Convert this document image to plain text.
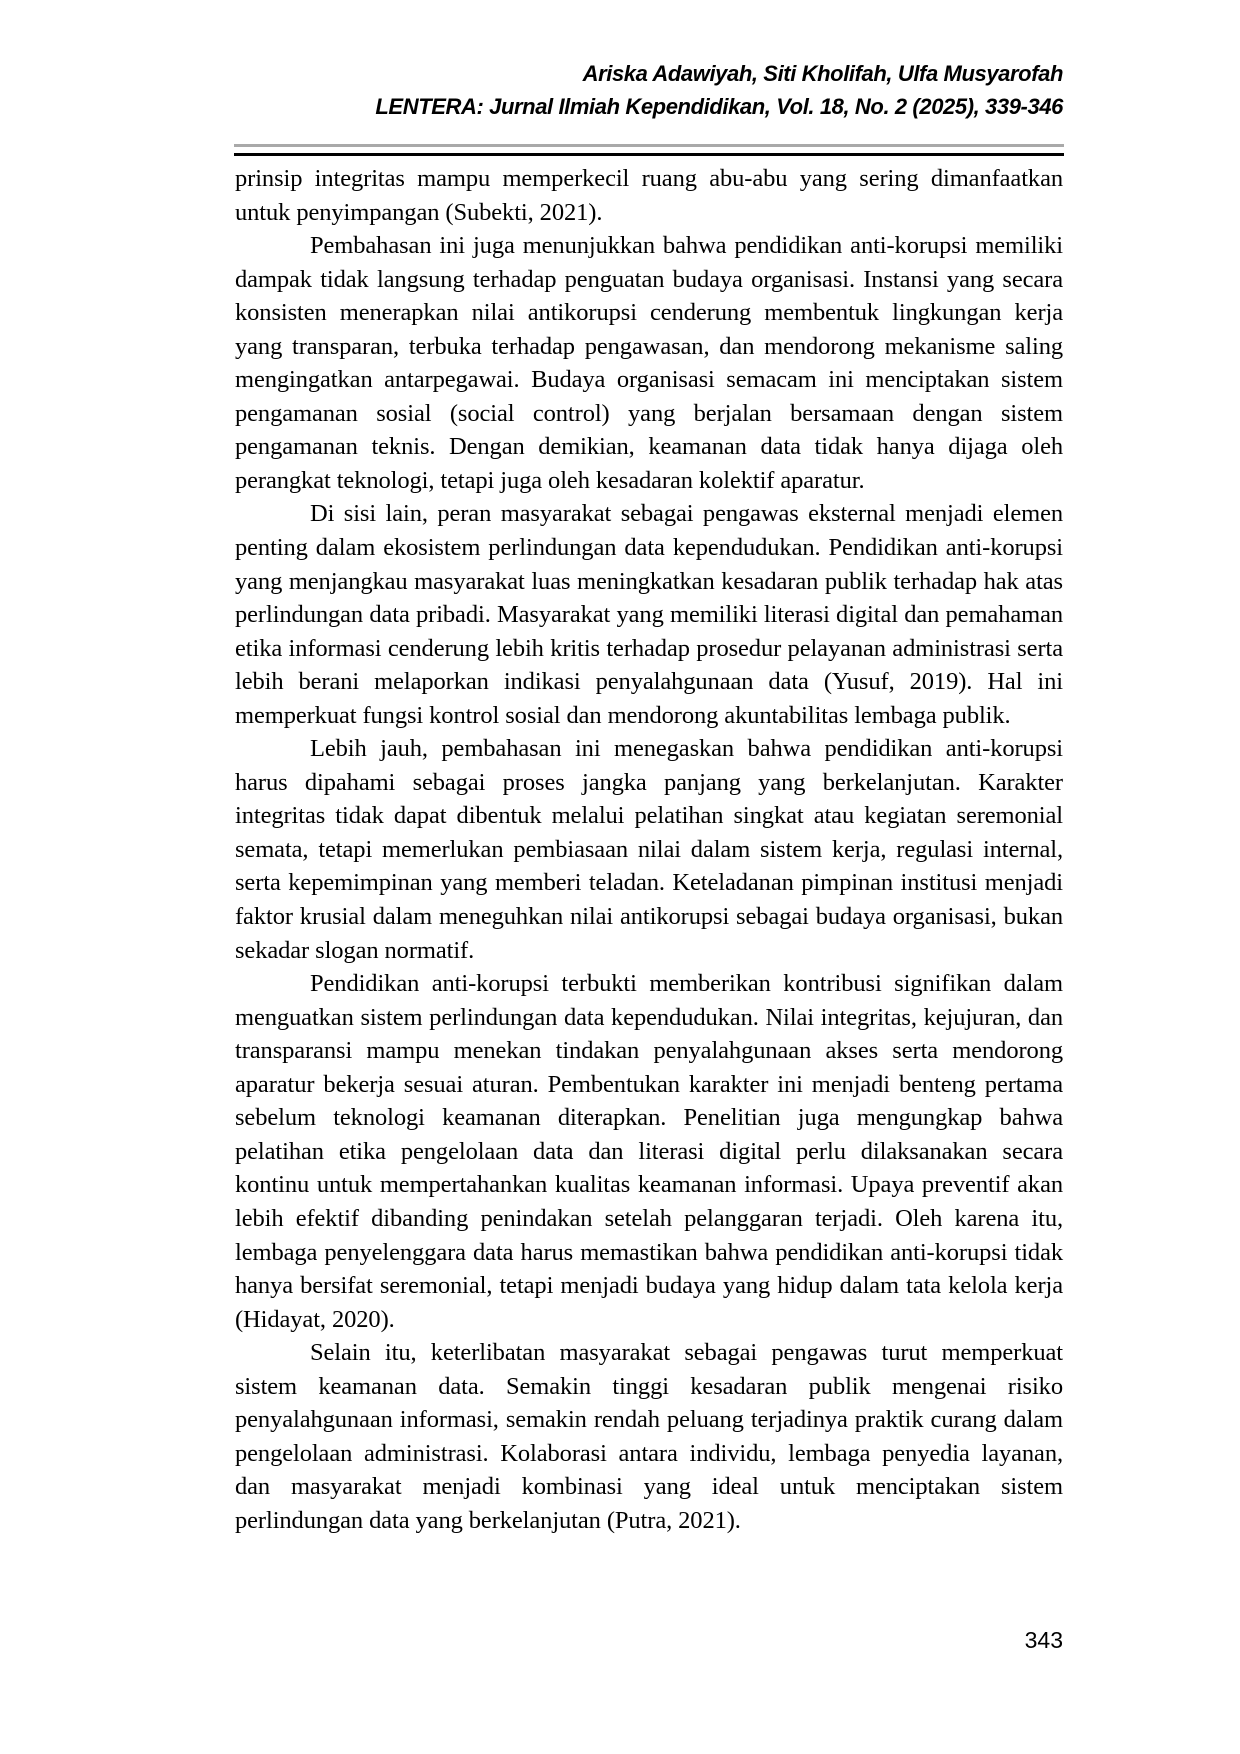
Ariska Adawiyah, Siti Kholifah, Ulfa Musyarofah
LENTERA: Jurnal Ilmiah Kependidikan, Vol. 18, No. 2 (2025), 339-346

prinsip integritas mampu memperkecil ruang abu-abu yang sering dimanfaatkan untuk penyimpangan (Subekti, 2021).

Pembahasan ini juga menunjukkan bahwa pendidikan anti-korupsi memiliki dampak tidak langsung terhadap penguatan budaya organisasi. Instansi yang secara konsisten menerapkan nilai antikorupsi cenderung membentuk lingkungan kerja yang transparan, terbuka terhadap pengawasan, dan mendorong mekanisme saling mengingatkan antarpegawai. Budaya organisasi semacam ini menciptakan sistem pengamanan sosial (social control) yang berjalan bersamaan dengan sistem pengamanan teknis. Dengan demikian, keamanan data tidak hanya dijaga oleh perangkat teknologi, tetapi juga oleh kesadaran kolektif aparatur.

Di sisi lain, peran masyarakat sebagai pengawas eksternal menjadi elemen penting dalam ekosistem perlindungan data kependudukan. Pendidikan anti-korupsi yang menjangkau masyarakat luas meningkatkan kesadaran publik terhadap hak atas perlindungan data pribadi. Masyarakat yang memiliki literasi digital dan pemahaman etika informasi cenderung lebih kritis terhadap prosedur pelayanan administrasi serta lebih berani melaporkan indikasi penyalahgunaan data (Yusuf, 2019). Hal ini memperkuat fungsi kontrol sosial dan mendorong akuntabilitas lembaga publik.

Lebih jauh, pembahasan ini menegaskan bahwa pendidikan anti-korupsi harus dipahami sebagai proses jangka panjang yang berkelanjutan. Karakter integritas tidak dapat dibentuk melalui pelatihan singkat atau kegiatan seremonial semata, tetapi memerlukan pembiasaan nilai dalam sistem kerja, regulasi internal, serta kepemimpinan yang memberi teladan. Keteladanan pimpinan institusi menjadi faktor krusial dalam meneguhkan nilai antikorupsi sebagai budaya organisasi, bukan sekadar slogan normatif.

Pendidikan anti-korupsi terbukti memberikan kontribusi signifikan dalam menguatkan sistem perlindungan data kependudukan. Nilai integritas, kejujuran, dan transparansi mampu menekan tindakan penyalahgunaan akses serta mendorong aparatur bekerja sesuai aturan. Pembentukan karakter ini menjadi benteng pertama sebelum teknologi keamanan diterapkan. Penelitian juga mengungkap bahwa pelatihan etika pengelolaan data dan literasi digital perlu dilaksanakan secara kontinu untuk mempertahankan kualitas keamanan informasi. Upaya preventif akan lebih efektif dibanding penindakan setelah pelanggaran terjadi. Oleh karena itu, lembaga penyelenggara data harus memastikan bahwa pendidikan anti-korupsi tidak hanya bersifat seremonial, tetapi menjadi budaya yang hidup dalam tata kelola kerja (Hidayat, 2020).

Selain itu, keterlibatan masyarakat sebagai pengawas turut memperkuat sistem keamanan data. Semakin tinggi kesadaran publik mengenai risiko penyalahgunaan informasi, semakin rendah peluang terjadinya praktik curang dalam pengelolaan administrasi. Kolaborasi antara individu, lembaga penyedia layanan, dan masyarakat menjadi kombinasi yang ideal untuk menciptakan sistem perlindungan data yang berkelanjutan (Putra, 2021).

343
